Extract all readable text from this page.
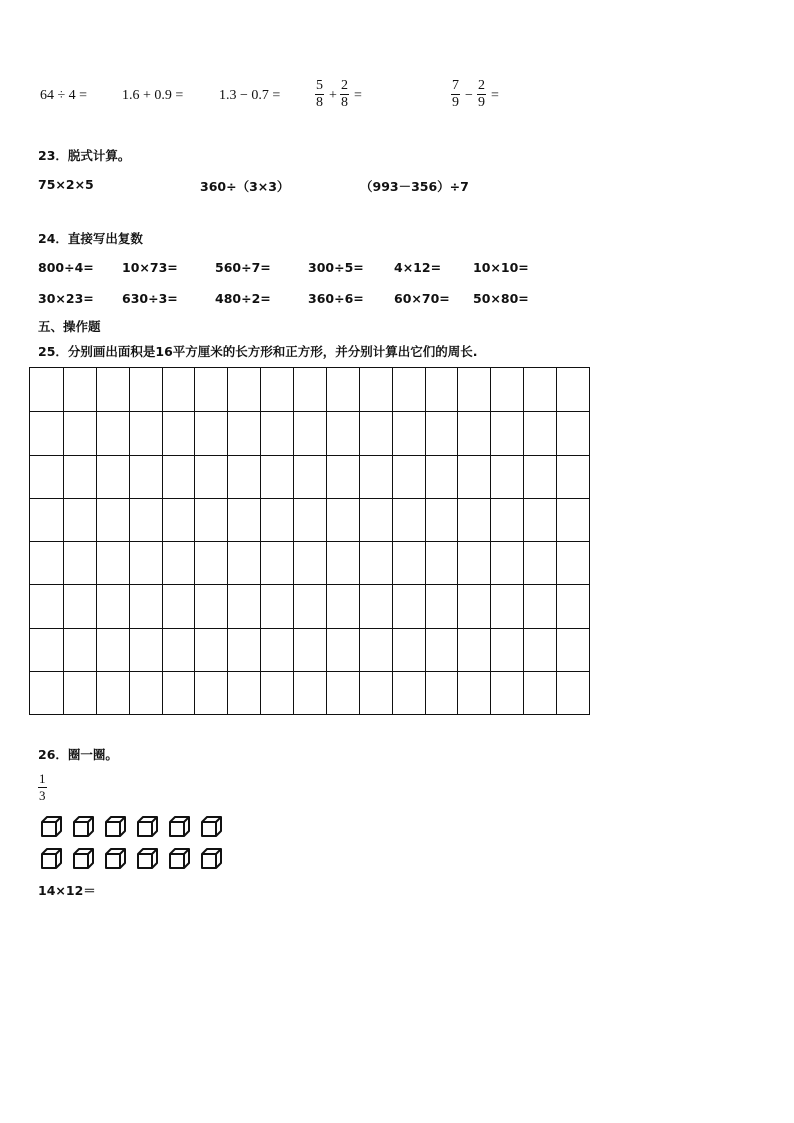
64 ÷ 4 = 1.6 + 0.9 =	$1.3 - 0.7 = \frac{5}{8} + \frac{2}{8}$ =	$\frac{7}{9} - \frac{2}{9}$ =
23．脱式计算。
75×2×5	360÷（3×3）	（993－356）÷7
24．直接写出复数
800÷4= 10×73=	560÷7=	300÷5= 4×12=	10×10=
30×23= 630÷3=	480÷2=	360÷6= 60×70= 50×80=
五、操作题
25．分别画出面积是16平方厘米的长方形和正方形，并分别计算出它们的周长.
26．圈一圈。
$\frac{1}{3}$
14×12＝
